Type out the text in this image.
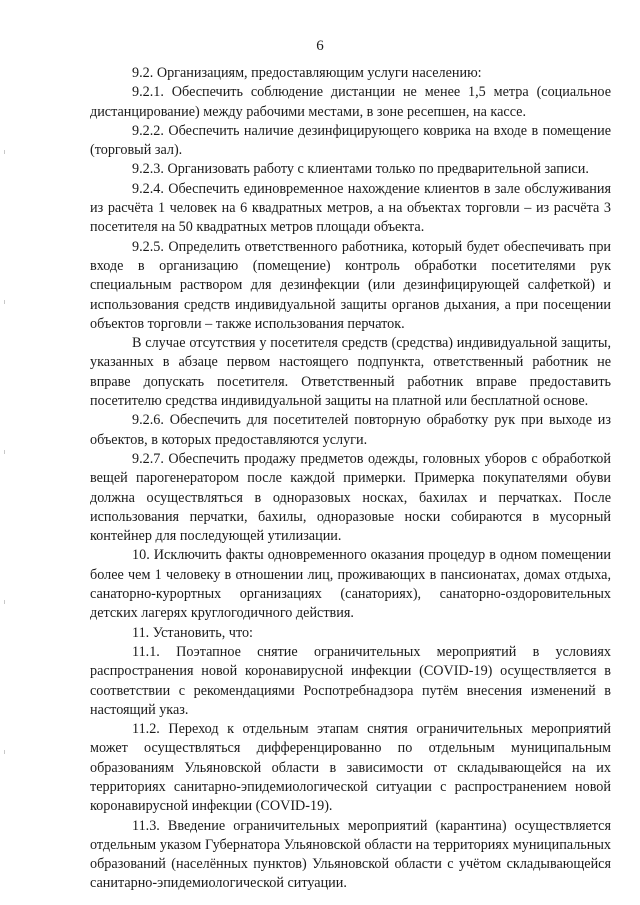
6

9.2. Организациям, предоставляющим услуги населению:

9.2.1. Обеспечить соблюдение дистанции не менее 1,5 метра (социальное дистанцирование) между рабочими местами, в зоне ресепшен, на кассе.

9.2.2. Обеспечить наличие дезинфицирующего коврика на входе в помещение (торговый зал).

9.2.3. Организовать работу с клиентами только по предварительной записи.

9.2.4. Обеспечить единовременное нахождение клиентов в зале обслуживания из расчёта 1 человек на 6 квадратных метров, а на объектах торговли – из расчёта 3 посетителя на 50 квадратных метров площади объекта.

9.2.5. Определить ответственного работника, который будет обеспечивать при входе в организацию (помещение) контроль обработки посетителями рук специальным раствором для дезинфекции (или дезинфицирующей салфеткой) и использования средств индивидуальной защиты органов дыхания, а при посещении объектов торговли – также использования перчаток.

В случае отсутствия у посетителя средств (средства) индивидуальной защиты, указанных в абзаце первом настоящего подпункта, ответственный работник не вправе допускать посетителя. Ответственный работник вправе предоставить посетителю средства индивидуальной защиты на платной или бесплатной основе.

9.2.6. Обеспечить для посетителей повторную обработку рук при выходе из объектов, в которых предоставляются услуги.

9.2.7. Обеспечить продажу предметов одежды, головных уборов с обработкой вещей парогенератором после каждой примерки. Примерка покупателями обуви должна осуществляться в одноразовых носках, бахилах и перчатках. После использования перчатки, бахилы, одноразовые носки собираются в мусорный контейнер для последующей утилизации.

10. Исключить факты одновременного оказания процедур в одном помещении более чем 1 человеку в отношении лиц, проживающих в пансионатах, домах отдыха, санаторно-курортных организациях (санаториях), санаторно-оздоровительных детских лагерях круглогодичного действия.

11. Установить, что:

11.1. Поэтапное снятие ограничительных мероприятий в условиях распространения новой коронавирусной инфекции (COVID-19) осуществляется в соответствии с рекомендациями Роспотребнадзора путём внесения изменений в настоящий указ.

11.2. Переход к отдельным этапам снятия ограничительных мероприятий может осуществляться дифференцированно по отдельным муниципальным образованиям Ульяновской области в зависимости от складывающейся на их территориях санитарно-эпидемиологической ситуации с распространением новой коронавирусной инфекции (COVID-19).

11.3. Введение ограничительных мероприятий (карантина) осуществляется отдельным указом Губернатора Ульяновской области на территориях муниципальных образований (населённых пунктов) Ульяновской области с учётом складывающейся санитарно-эпидемиологической ситуации.
